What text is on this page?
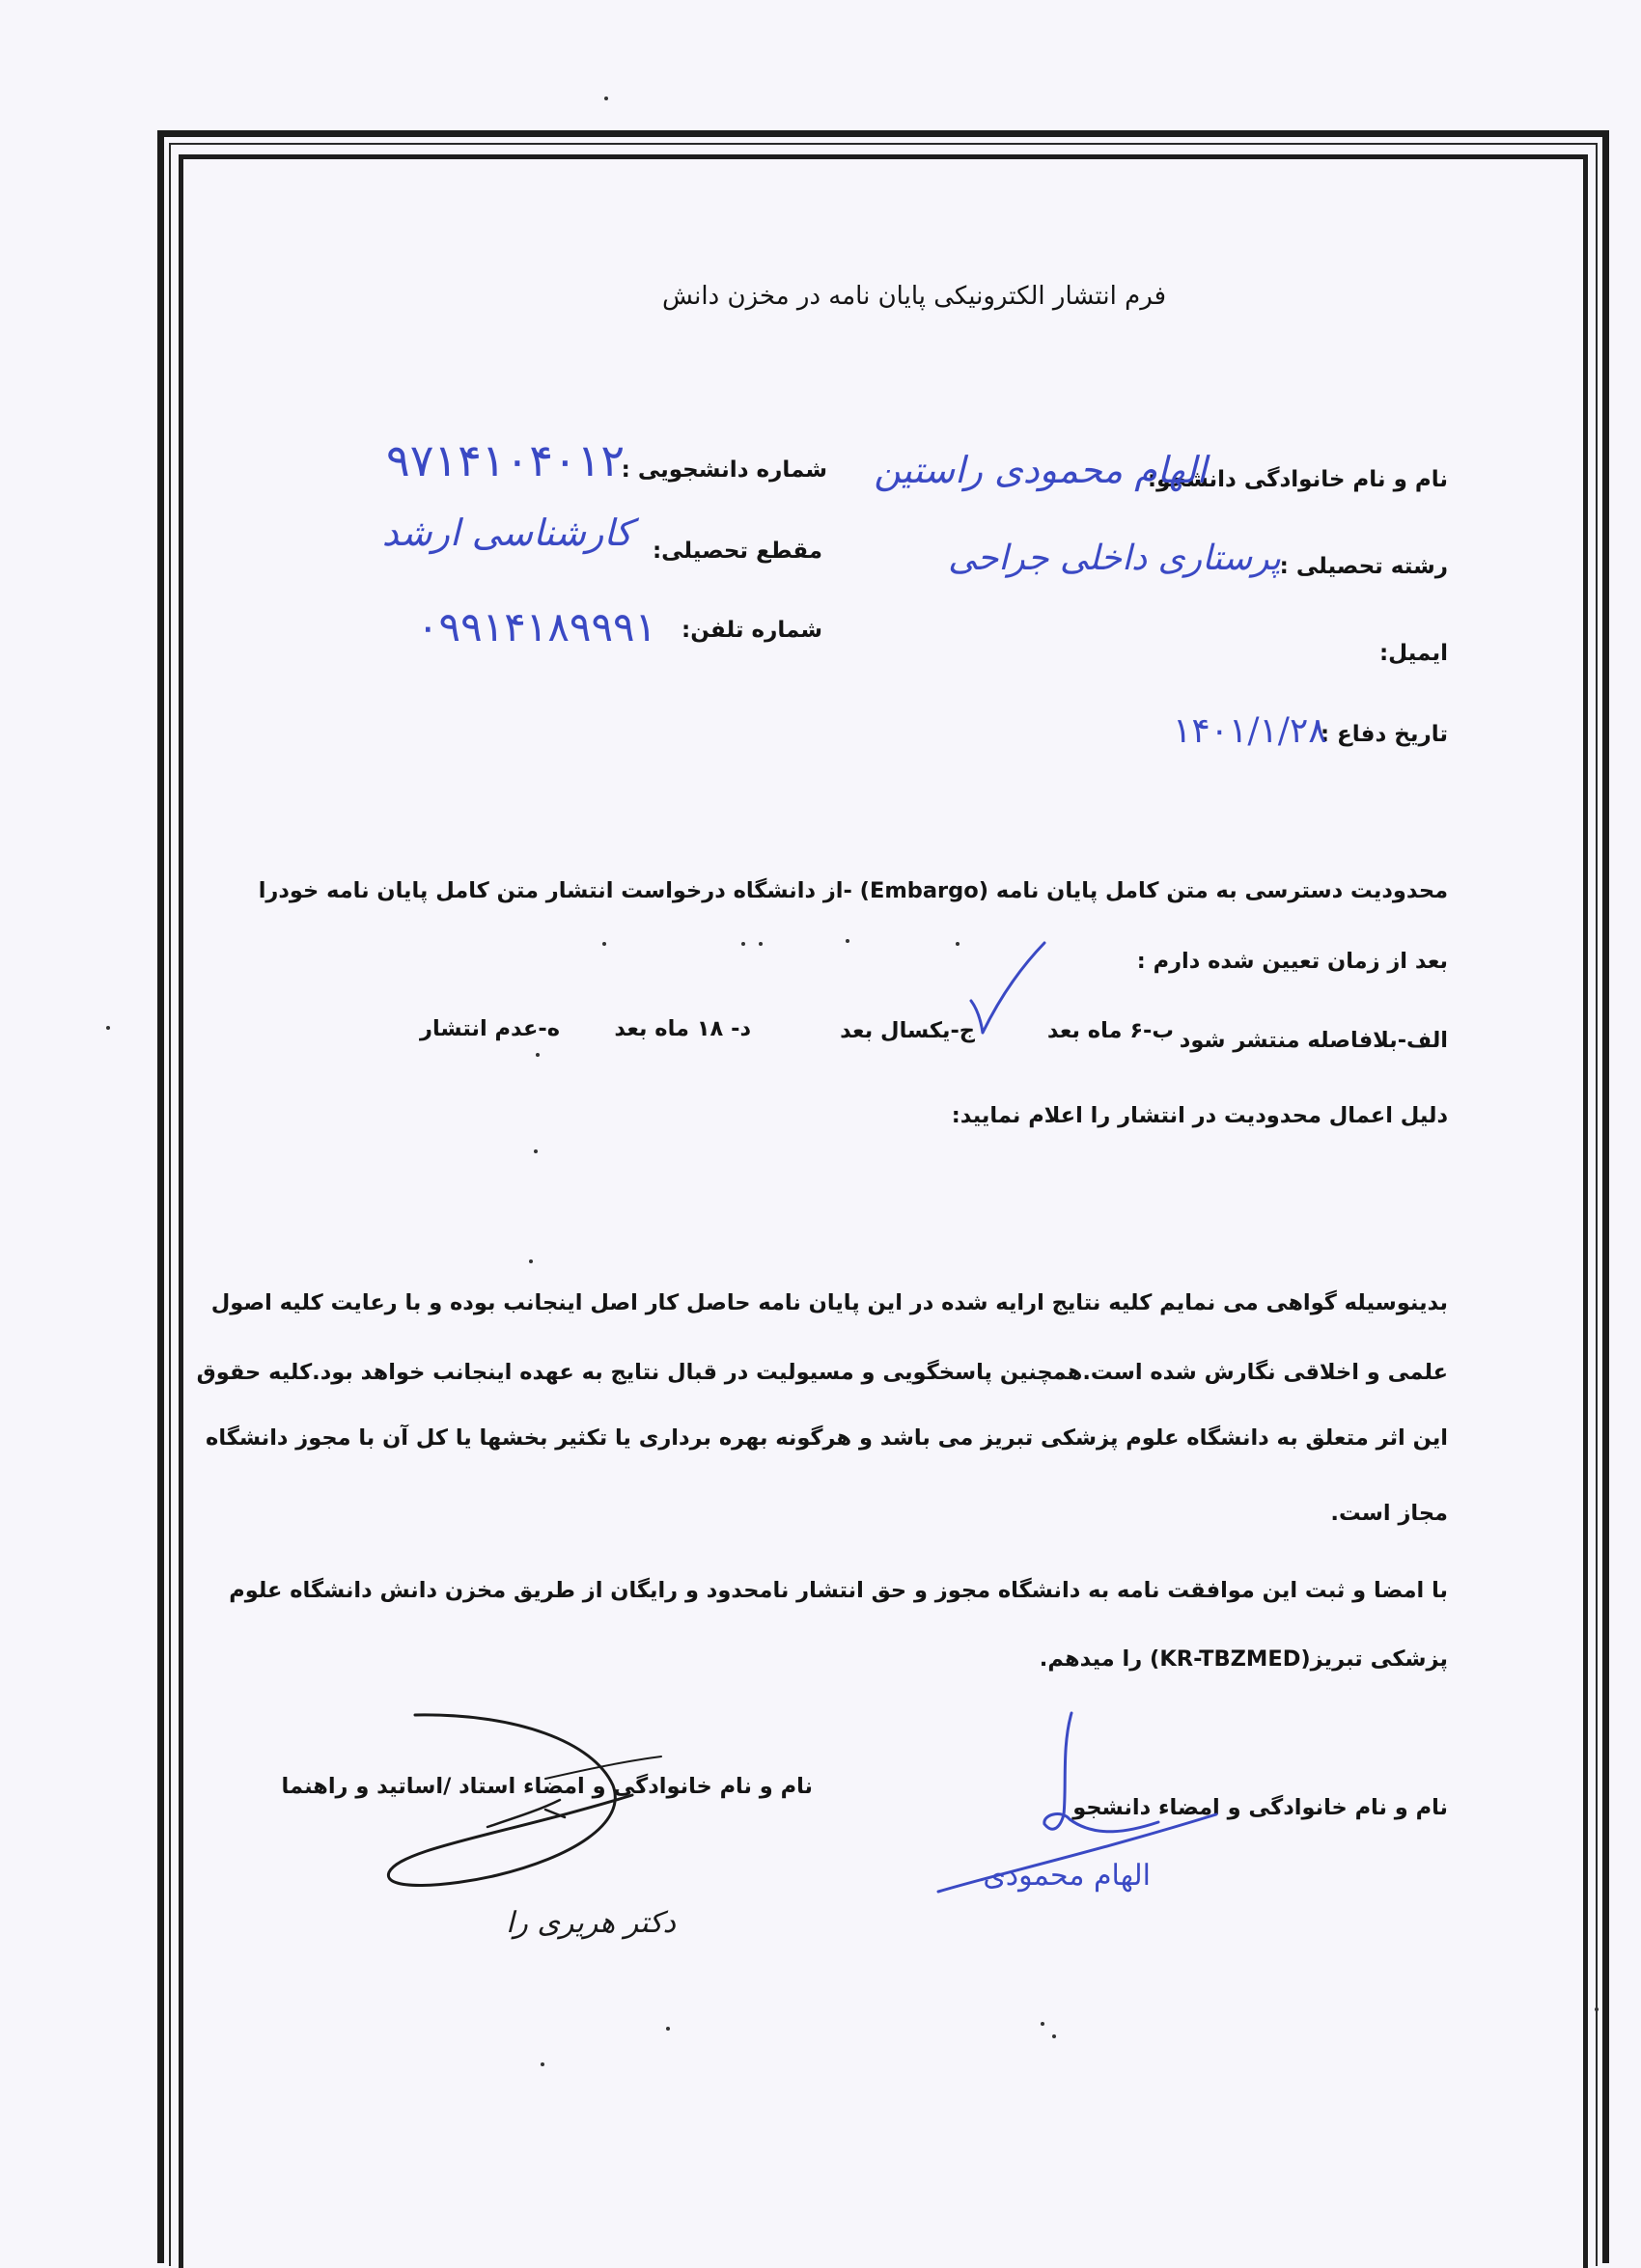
فرم انتشار الکترونیکی پایان نامه در مخزن دانش
نام و نام خانوادگی دانشجو:
الهام محمودی راستین
شماره دانشجویی :
۹۷۱۴۱۰۴۰۱۲
رشته تحصیلی :
پرستاری داخلی جراحی
مقطع تحصیلی:
کارشناسی ارشد
ایمیل:
شماره تلفن:
۰۹۹۱۴۱۸۹۹۹۱
تاریخ دفاع :
۱۴۰۱/۱/۲۸
محدودیت دسترسی به متن کامل پایان نامه (Embargo) -از دانشگاه درخواست انتشار متن کامل پایان نامه خودرا
بعد از زمان تعیین شده دارم :
الف-بلافاصله منتشر شود
ب-۶ ماه بعد
ج-یکسال بعد
د- ۱۸ ماه بعد
ه-عدم انتشار
دلیل اعمال محدودیت در انتشار را اعلام نمایید:
بدینوسیله گواهی می نمایم کلیه نتایج ارایه شده در این پایان نامه حاصل کار اصل اینجانب بوده و با رعایت کلیه اصول
علمی و اخلاقی نگارش شده است.همچنین پاسخگویی و مسیولیت در قبال نتایج به عهده اینجانب خواهد بود.کلیه حقوق
این اثر متعلق به دانشگاه علوم پزشکی تبریز می باشد و هرگونه بهره برداری یا تکثیر بخشها یا کل آن با مجوز دانشگاه
مجاز است.
با امضا و ثبت این موافقت نامه به دانشگاه مجوز و حق انتشار نامحدود و رایگان از طریق مخزن دانش دانشگاه علوم
پزشکی تبریز(KR-TBZMED) را میدهم.
نام و نام خانوادگی و امضاء دانشجو
نام و نام خانوادگی و امضاء استاد /اساتید و راهنما
الهام محمودی
دکتر هریری را
